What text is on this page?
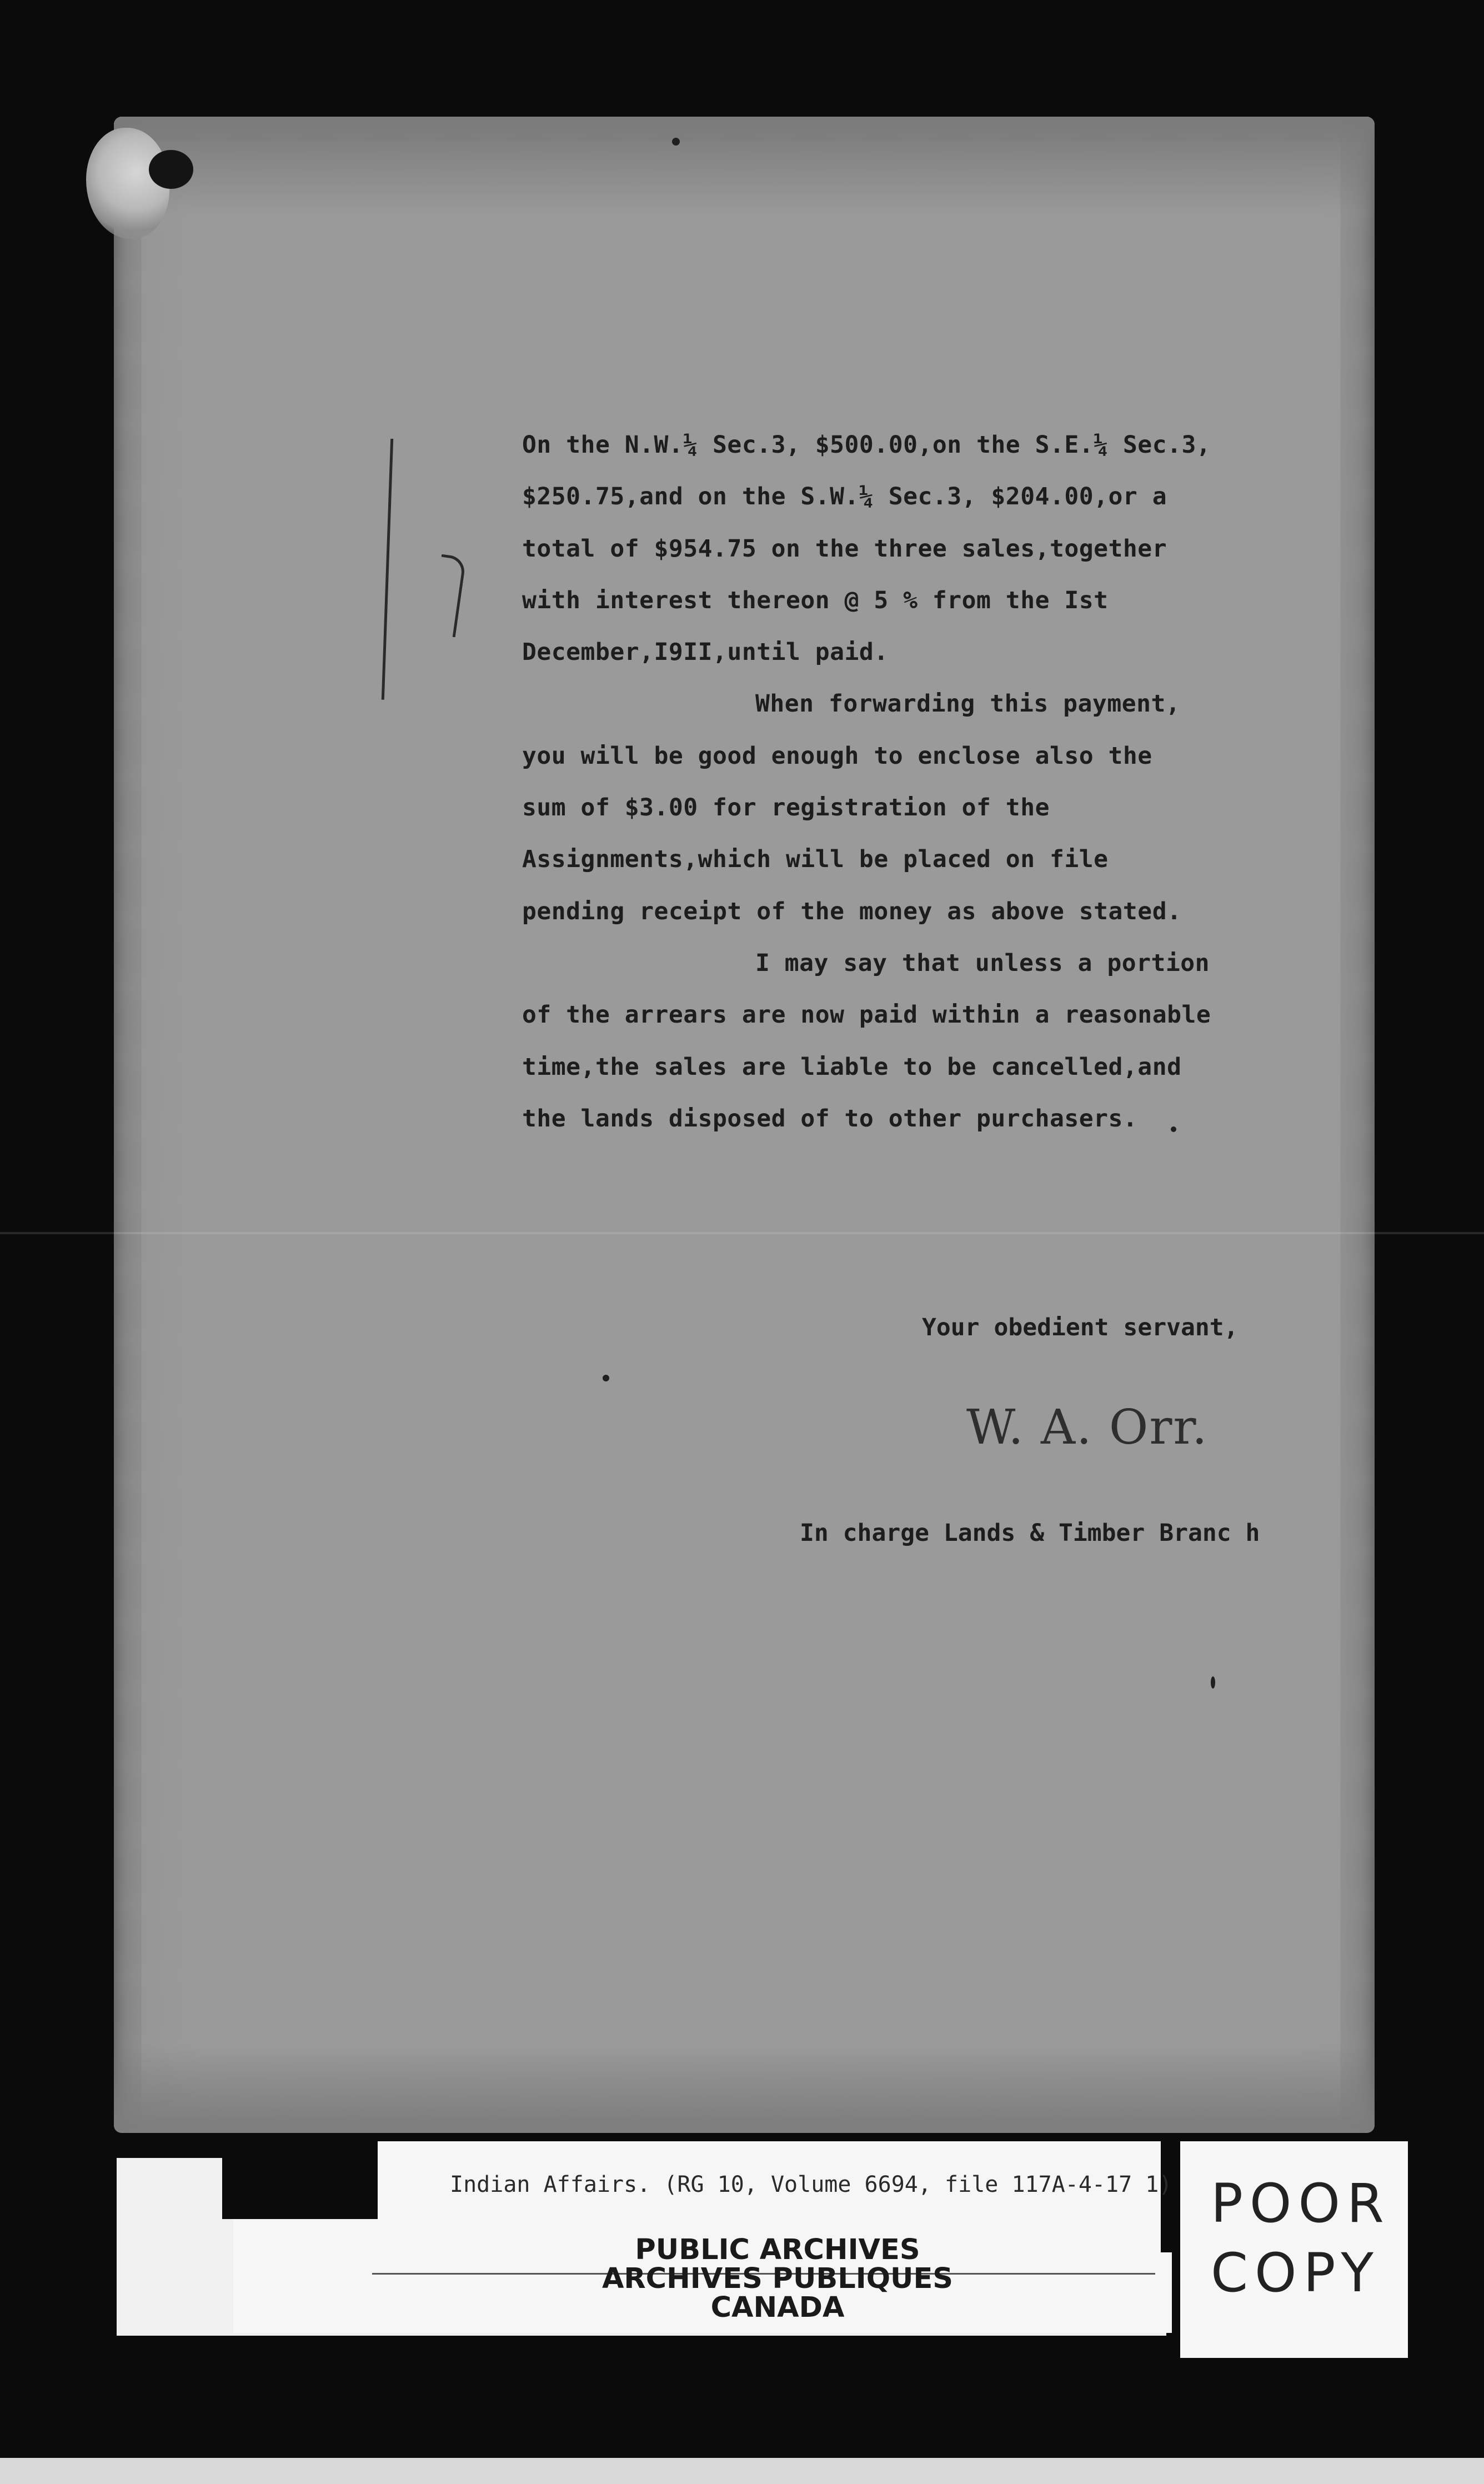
On the N.W.¼ Sec.3, $500.00,on the S.E.¼ Sec.3,
$250.75,and on the S.W.¼ Sec.3, $204.00,or a
total of $954.75 on the three sales,together
with interest thereon @ 5 % from the Ist
December,I9II,until paid.
When forwarding this payment,
you will be good enough to enclose also the
sum of $3.00 for registration of the
Assignments,which will be placed on file
pending receipt of the money as above stated.
I may say that unless a portion
of the arrears are now paid within a reasonable
time,the sales are liable to be cancelled,and
the lands disposed of to other purchasers.
Your obedient servant,
W. A. Orr.
In charge Lands & Timber Branc h
Indian Affairs. (RG 10, Volume 6694, file 117A-4-17 1)
PUBLIC ARCHIVES
ARCHIVES PUBLIQUES
CANADA
POOR
COPY
